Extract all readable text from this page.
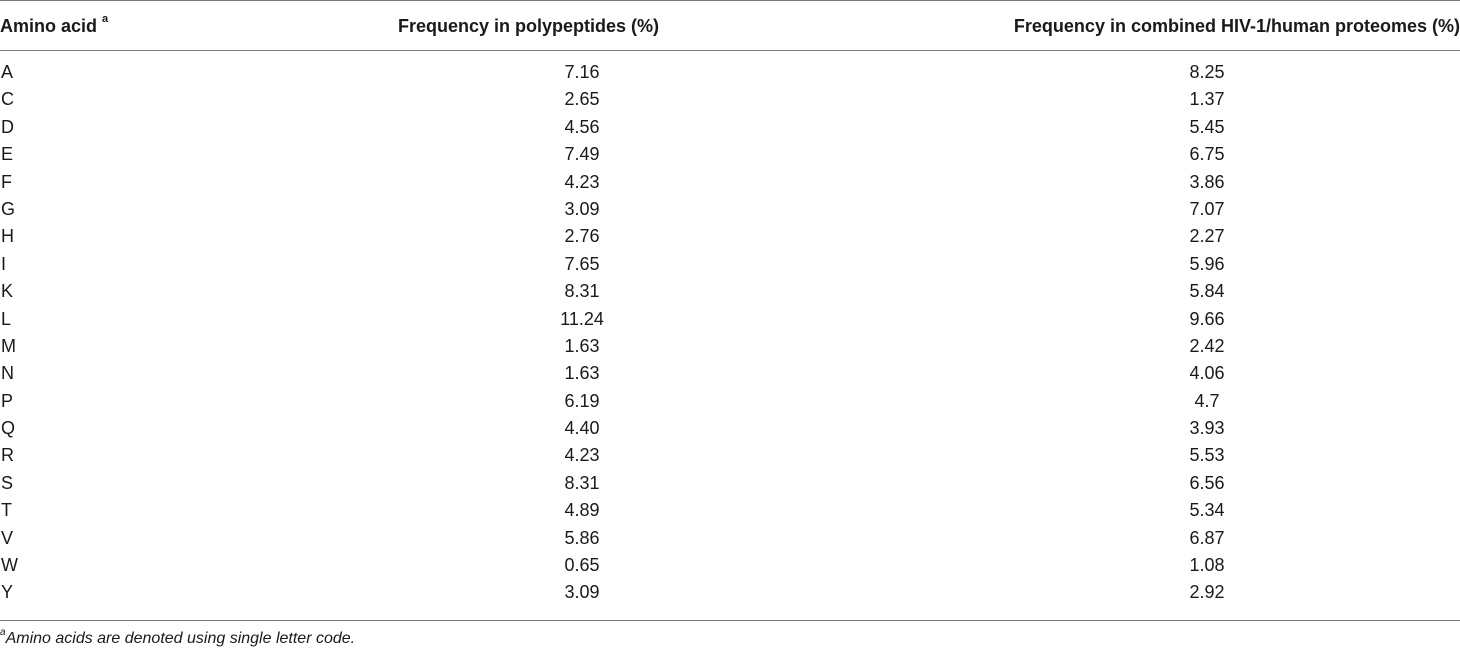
Amino acid $^a$	Frequency in polypeptides (%)	Frequency in combined HIV-1/human proteomes (%)
A	7.16	8.25
C	2.65	1.37
D	4.56	5.45
E	7.49	6.75
F	4.23	3.86
G	3.09	7.07
H	2.76	2.27
I	7.65	5.96
K	8.31	5.84
L	11.24	9.66
M	1.63	2.42
N	1.63	4.06
P	6.19	4.7
Q	4.40	3.93
R	4.23	5.53
S	8.31	6.56
T	4.89	5.34
V	5.86	6.87
W	0.65	1.08
Y	3.09	2.92
$^a$Amino acids are denoted using single letter code.
